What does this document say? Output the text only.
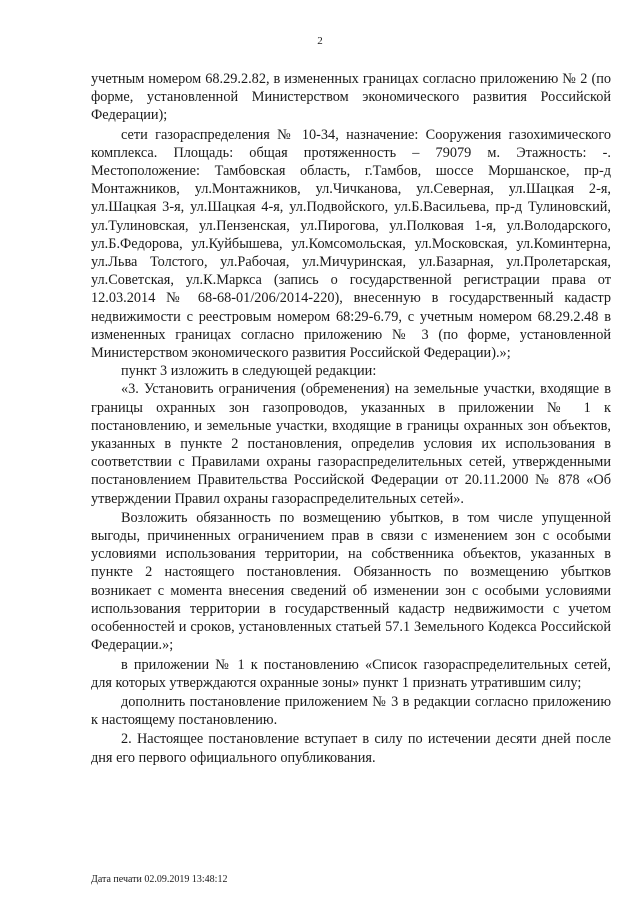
2

учетным номером 68.29.2.82, в измененных границах согласно приложению № 2 (по форме, установленной Министерством экономического развития Российской Федерации);

сети газораспределения № 10-34, назначение: Сооружения газохимического комплекса. Площадь: общая протяженность – 79079 м. Этажность: -. Местоположение: Тамбовская область, г.Тамбов, шоссе Моршанское, пр-д Монтажников, ул.Монтажников, ул.Чичканова, ул.Северная, ул.Шацкая 2-я, ул.Шацкая 3-я, ул.Шацкая 4-я, ул.Подвойского, ул.Б.Васильева, пр-д Тулиновский, ул.Тулиновская, ул.Пензенская, ул.Пирогова, ул.Полковая 1-я, ул.Володарского, ул.Б.Федорова, ул.Куйбышева, ул.Комсомольская, ул.Московская, ул.Коминтерна, ул.Льва Толстого, ул.Рабочая, ул.Мичуринская, ул.Базарная, ул.Пролетарская, ул.Советская, ул.К.Маркса (запись о государственной регистрации права от 12.03.2014 № 68-68-01/206/2014-220), внесенную в государственный кадастр недвижимости с реестровым номером 68:29-6.79, с учетным номером 68.29.2.48 в измененных границах согласно приложению № 3 (по форме, установленной Министерством экономического развития Российской Федерации).»;

пункт 3 изложить в следующей редакции:

«3. Установить ограничения (обременения) на земельные участки, входящие в границы охранных зон газопроводов, указанных в приложении № 1 к постановлению, и земельные участки, входящие в границы охранных зон объектов, указанных в пункте 2 постановления, определив условия их использования в соответствии с Правилами охраны газораспределительных сетей, утвержденными постановлением Правительства Российской Федерации от 20.11.2000 № 878 «Об утверждении Правил охраны газораспределительных сетей».

Возложить обязанность по возмещению убытков, в том числе упущенной выгоды, причиненных ограничением прав в связи с изменением зон с особыми условиями использования территории, на собственника объектов, указанных в пункте 2 настоящего постановления. Обязанность по возмещению убытков возникает с момента внесения сведений об изменении зон с особыми условиями использования территории в государственный кадастр недвижимости с учетом особенностей и сроков, установленных статьей 57.1 Земельного Кодекса Российской Федерации.»;

в приложении № 1 к постановлению «Список газораспределительных сетей, для которых утверждаются охранные зоны» пункт 1 признать утратившим силу;

дополнить постановление приложением № 3 в редакции согласно приложению к настоящему постановлению.

2. Настоящее постановление вступает в силу по истечении десяти дней после дня его первого официального опубликования.

Дата печати 02.09.2019 13:48:12
